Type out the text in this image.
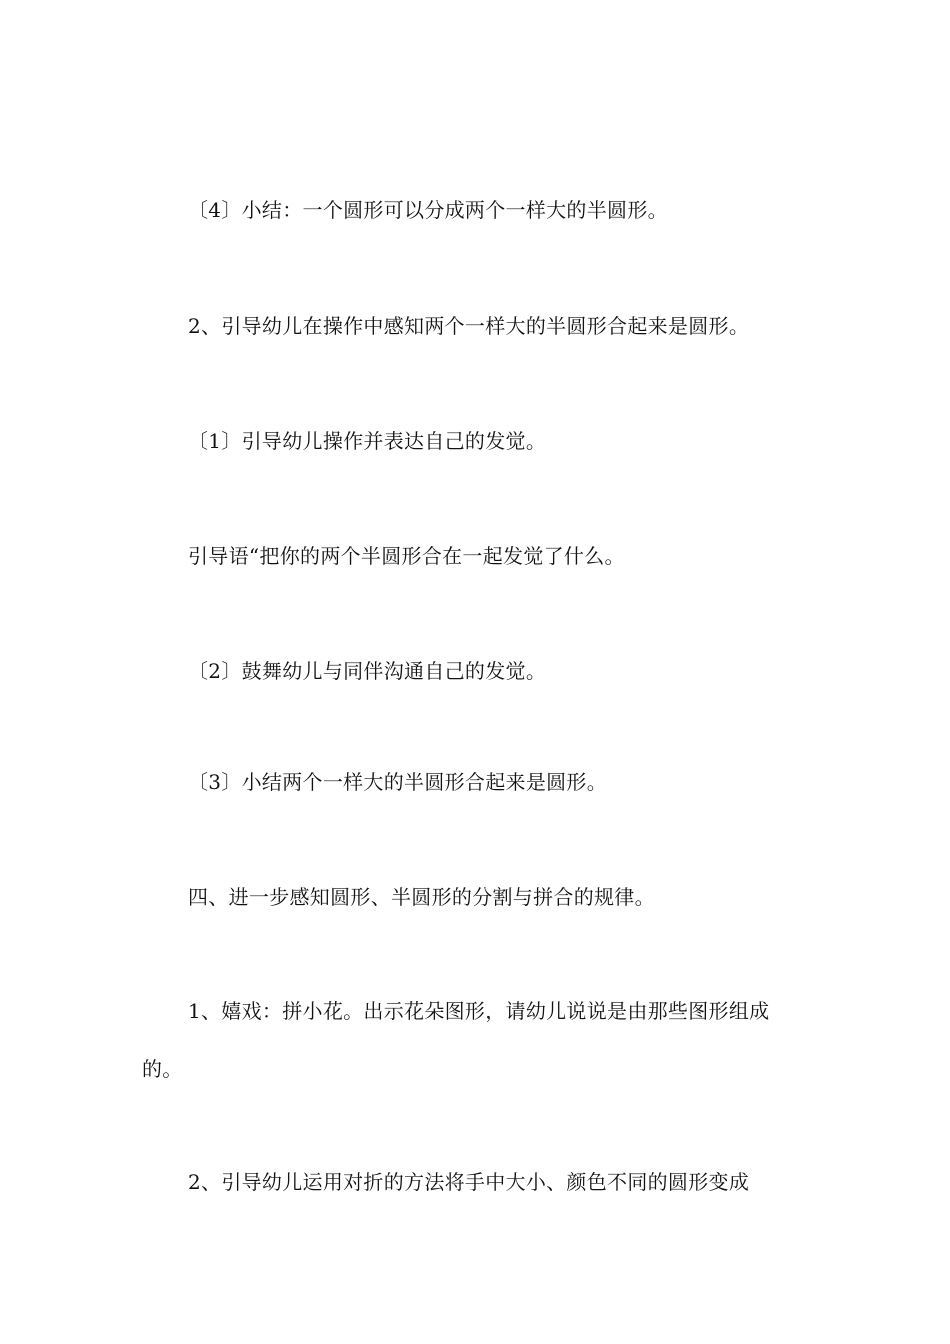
〔4〕小结：一个圆形可以分成两个一样大的半圆形。

2、引导幼儿在操作中感知两个一样大的半圆形合起来是圆形。

〔1〕引导幼儿操作并表达自己的发觉。

引导语“把你的两个半圆形合在一起发觉了什么。

〔2〕鼓舞幼儿与同伴沟通自己的发觉。

〔3〕小结两个一样大的半圆形合起来是圆形。

四、进一步感知圆形、半圆形的分割与拼合的规律。

1、嬉戏：拼小花。出示花朵图形，请幼儿说说是由那些图形组成的。

2、引导幼儿运用对折的方法将手中大小、颜色不同的圆形变成
